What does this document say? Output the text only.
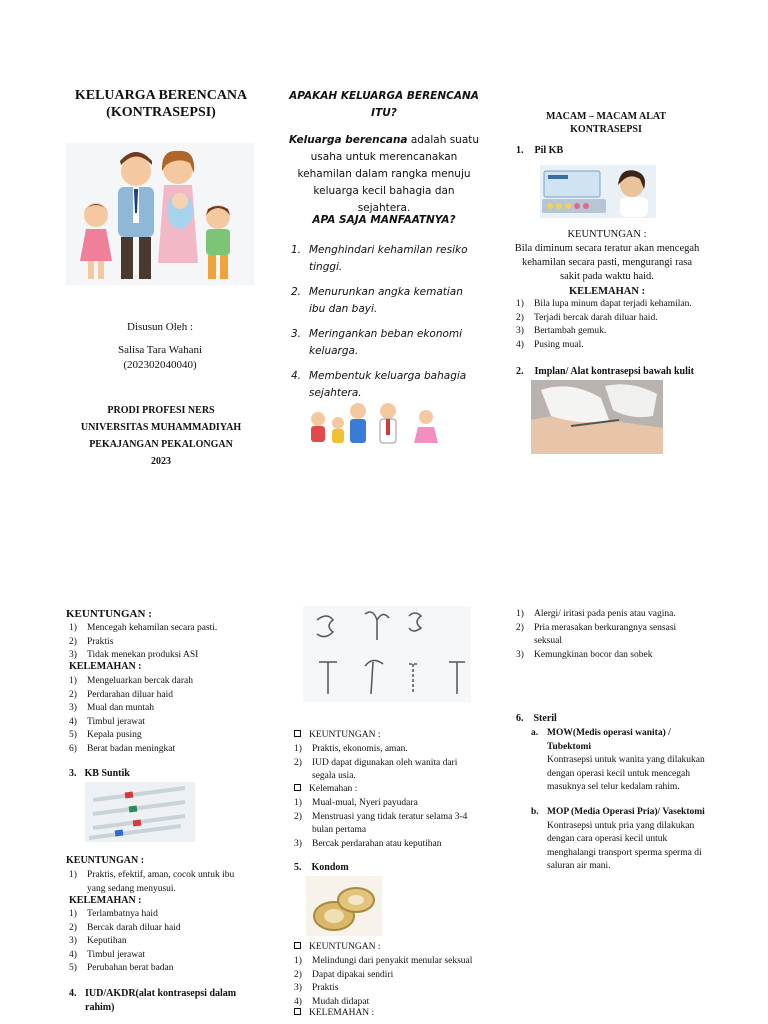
KELUARGA BERENCANA
(KONTRASEPSI)
Disusun Oleh :
Salisa Tara Wahani
(202302040040)
PRODI PROFESI NERS
UNIVERSITAS MUHAMMADIYAH
PEKAJANGAN PEKALONGAN
2023
APAKAH KELUARGA BERENCANA ITU?
Keluarga berencana adalah suatu usaha untuk merencanakan kehamilan dalam rangka menuju keluarga kecil bahagia dan sejahtera.
APA SAJA MANFAATNYA?
1. Menghindari kehamilan resiko tinggi.
2. Menurunkan angka kematian ibu dan bayi.
3. Meringankan beban ekonomi keluarga.
4. Membentuk keluarga bahagia sejahtera.
MACAM – MACAM ALAT
KONTRASEPSI
1. Pil KB
KEUNTUNGAN :
Bila diminum secara teratur akan mencegah kehamilan secara pasti, mengurangi rasa sakit pada waktu haid.
KELEMAHAN :
1) Bila lupa minum dapat terjadi kehamilan.
2) Terjadi bercak darah diluar haid.
3) Bertambah gemuk.
4) Pusing mual.
2. Implan/ Alat kontrasepsi bawah kulit
KEUNTUNGAN :
1) Mencegah kehamilan secara pasti.
2) Praktis
3) Tidak menekan produksi ASI
KELEMAHAN :
1) Mengeluarkan bercak darah
2) Perdarahan diluar haid
3) Mual dan muntah
4) Timbul jerawat
5) Kepala pusing
6) Berat badan meningkat
3. KB Suntik
KEUNTUNGAN :
1) Praktis, efektif, aman, cocok untuk ibu yang sedang menyusui.
KELEMAHAN :
1) Terlambatnya haid
2) Bercak darah diluar haid
3) Keputihan
4) Timbul jerawat
5) Perubahan berat badan
4. IUD/AKDR(alat kontrasepsi dalam rahim)
KEUNTUNGAN :
1) Praktis, ekonomis, aman.
2) IUD dapat digunakan oleh wanita dari segala usia.
Kelemahan :
1) Mual-mual, Nyeri payudara
2) Menstruasi yang tidak teratur selama 3-4 bulan pertama
3) Bercak perdarahan atau keputihan
5. Kondom
KEUNTUNGAN :
1) Melindungi dari penyakit menular seksual
2) Dapat dipakai sendiri
3) Praktis
4) Mudah didapat
KELEMAHAN :
1) Alergi/ iritasi pada penis atau vagina.
2) Pria merasakan berkurangnya sensasi seksual
3) Kemungkinan bocor dan sobek
6. Steril
a. MOW(Medis operasi wanita) / Tubektomi
Kontrasepsi untuk wanita yang dilakukan dengan operasi kecil untuk mencegah masuknya sel telur kedalam rahim.
b. MOP (Media Operasi Pria)/ Vasektomi
Kontrasepsi untuk pria yang dilakukan dengan cara operasi kecil untuk menghalangi transport sperma sperma di saluran air mani.
